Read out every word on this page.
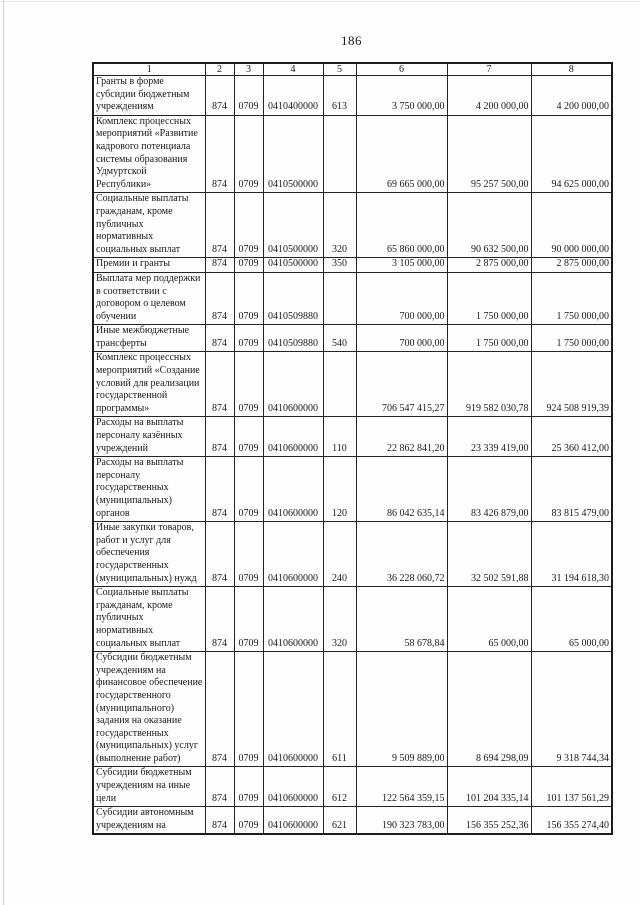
186
1	2	3	4	5	6	7	8
Гранты в форме субсидии бюджетным учреждениям	874	0709	0410400000	613	3 750 000,00	4 200 000,00	4 200 000,00
Комплекс процессных мероприятий «Развитие кадрового потенциала системы образования Удмуртской Республики»	874	0709	0410500000		69 665 000,00	95 257 500,00	94 625 000,00
Социальные выплаты гражданам, кроме публичных нормативных социальных выплат	874	0709	0410500000	320	65 860 000,00	90 632 500,00	90 000 000,00
Премии и гранты	874	0709	0410500000	350	3 105 000,00	2 875 000,00	2 875 000,00
Выплата мер поддержки в соответствии с договором о целевом обучении	874	0709	0410509880		700 000,00	1 750 000,00	1 750 000,00
Иные межбюджетные трансферты	874	0709	0410509880	540	700 000,00	1 750 000,00	1 750 000,00
Комплекс процессных мероприятий «Создание условий для реализации государственной программы»	874	0709	0410600000		706 547 415,27	919 582 030,78	924 508 919,39
Расходы на выплаты персоналу казённых учреждений	874	0709	0410600000	110	22 862 841,20	23 339 419,00	25 360 412,00
Расходы на выплаты персоналу государственных (муниципальных) органов	874	0709	0410600000	120	86 042 635,14	83 426 879,00	83 815 479,00
Иные закупки товаров, работ и услуг для обеспечения государственных (муниципальных) нужд	874	0709	0410600000	240	36 228 060,72	32 502 591,88	31 194 618,30
Социальные выплаты гражданам, кроме публичных нормативных социальных выплат	874	0709	0410600000	320	58 678,84	65 000,00	65 000,00
Субсидии бюджетным учреждениям на финансовое обеспечение государственного (муниципального) задания на оказание государственных (муниципальных) услуг (выполнение работ)	874	0709	0410600000	611	9 509 889,00	8 694 298,09	9 318 744,34
Субсидии бюджетным учреждениям на иные цели	874	0709	0410600000	612	122 564 359,15	101 204 335,14	101 137 561,29
Субсидии автономным учреждениям на	874	0709	0410600000	621	190 323 783,00	156 355 252,36	156 355 274,40
